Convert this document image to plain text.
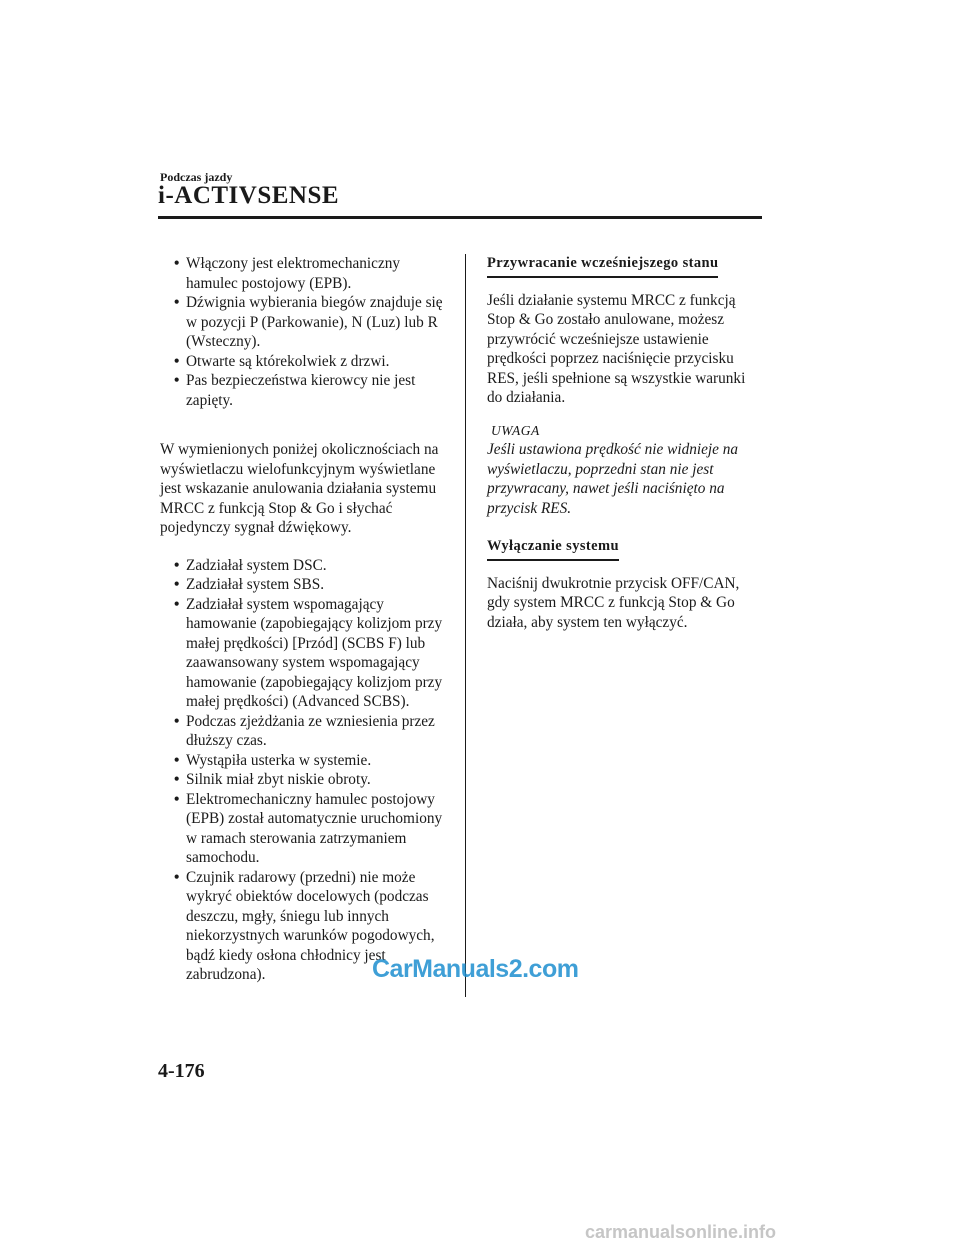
Podczas jazdy
i-ACTIVSENSE
• Włączony jest elektromechaniczny hamulec postojowy (EPB).
• Dźwignia wybierania biegów znajduje się w pozycji P (Parkowanie), N (Luz) lub R (Wsteczny).
• Otwarte są którekolwiek z drzwi.
• Pas bezpieczeństwa kierowcy nie jest zapięty.

W wymienionych poniżej okolicznościach na wyświetlaczu wielofunkcyjnym wyświetlane jest wskazanie anulowania działania systemu MRCC z funkcją Stop & Go i słychać pojedynczy sygnał dźwiękowy.

• Zadziałał system DSC.
• Zadziałał system SBS.
• Zadziałał system wspomagający hamowanie (zapobiegający kolizjom przy małej prędkości) [Przód] (SCBS F) lub zaawansowany system wspomagający hamowanie (zapobiegający kolizjom przy małej prędkości) (Advanced SCBS).
• Podczas zjeżdżania ze wzniesienia przez dłuższy czas.
• Wystąpiła usterka w systemie.
• Silnik miał zbyt niskie obroty.
• Elektromechaniczny hamulec postojowy (EPB) został automatycznie uruchomiony w ramach sterowania zatrzymaniem samochodu.
• Czujnik radarowy (przedni) nie może wykryć obiektów docelowych (podczas deszczu, mgły, śniegu lub innych niekorzystnych warunków pogodowych, bądź kiedy osłona chłodnicy jest zabrudzona).
Przywracanie wcześniejszego stanu

Jeśli działanie systemu MRCC z funkcją Stop & Go zostało anulowane, możesz przywrócić wcześniejsze ustawienie prędkości poprzez naciśnięcie przycisku RES, jeśli spełnione są wszystkie warunki do działania.

UWAGA
Jeśli ustawiona prędkość nie widnieje na wyświetlaczu, poprzedni stan nie jest przywracany, nawet jeśli naciśnięto na przycisk RES.
Wyłączanie systemu

Naciśnij dwukrotnie przycisk OFF/CAN, gdy system MRCC z funkcją Stop & Go działa, aby system ten wyłączyć.

4-176
CarManuals2.com
carmanualsonline.info
